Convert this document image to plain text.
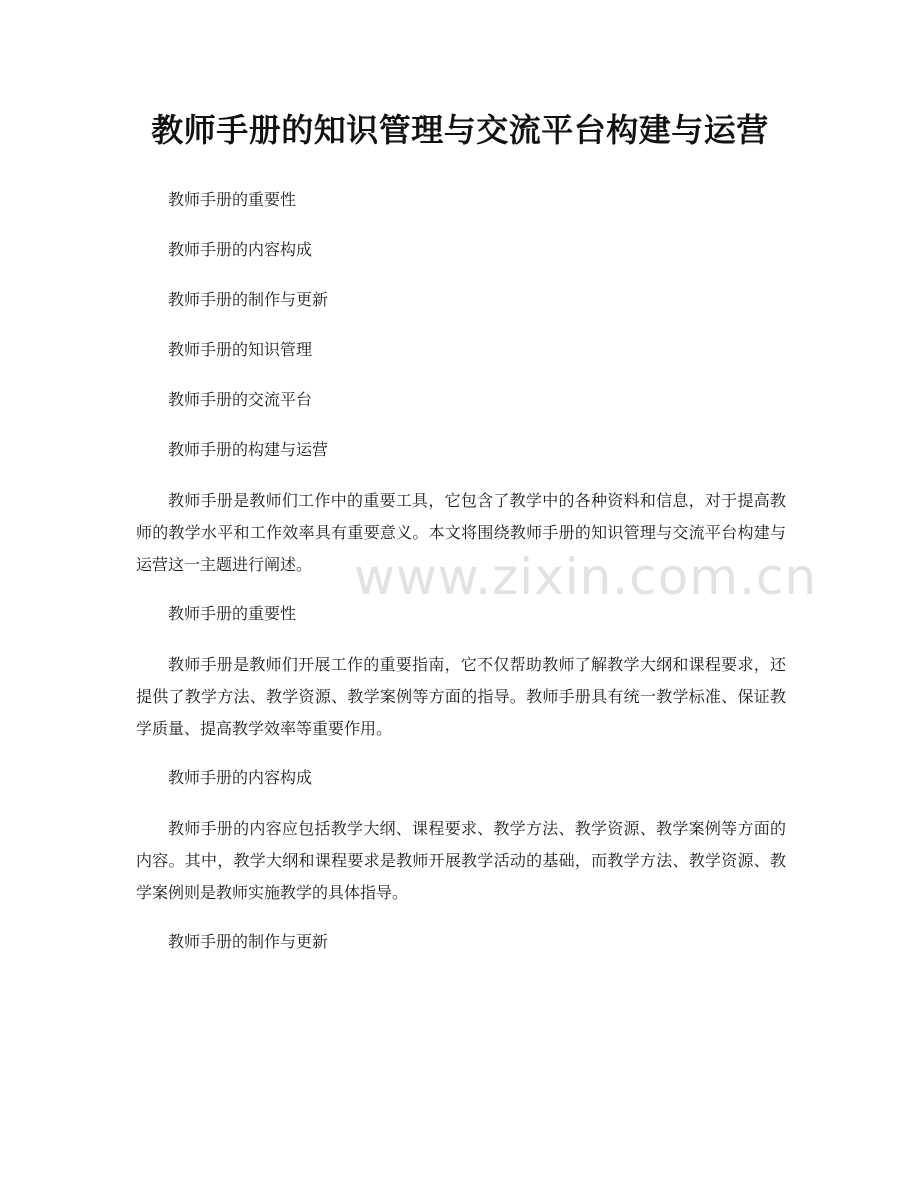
教师手册的知识管理与交流平台构建与运营

教师手册的重要性

教师手册的内容构成

教师手册的制作与更新

教师手册的知识管理

教师手册的交流平台

教师手册的构建与运营

教师手册是教师们工作中的重要工具，它包含了教学中的各种资料和信息，对于提高教师的教学水平和工作效率具有重要意义。本文将围绕教师手册的知识管理与交流平台构建与运营这一主题进行阐述。

教师手册的重要性

教师手册是教师们开展工作的重要指南，它不仅帮助教师了解教学大纲和课程要求，还提供了教学方法、教学资源、教学案例等方面的指导。教师手册具有统一教学标准、保证教学质量、提高教学效率等重要作用。

教师手册的内容构成

教师手册的内容应包括教学大纲、课程要求、教学方法、教学资源、教学案例等方面的内容。其中，教学大纲和课程要求是教师开展教学活动的基础，而教学方法、教学资源、教学案例则是教师实施教学的具体指导。

教师手册的制作与更新

www.zixin.com.cn
